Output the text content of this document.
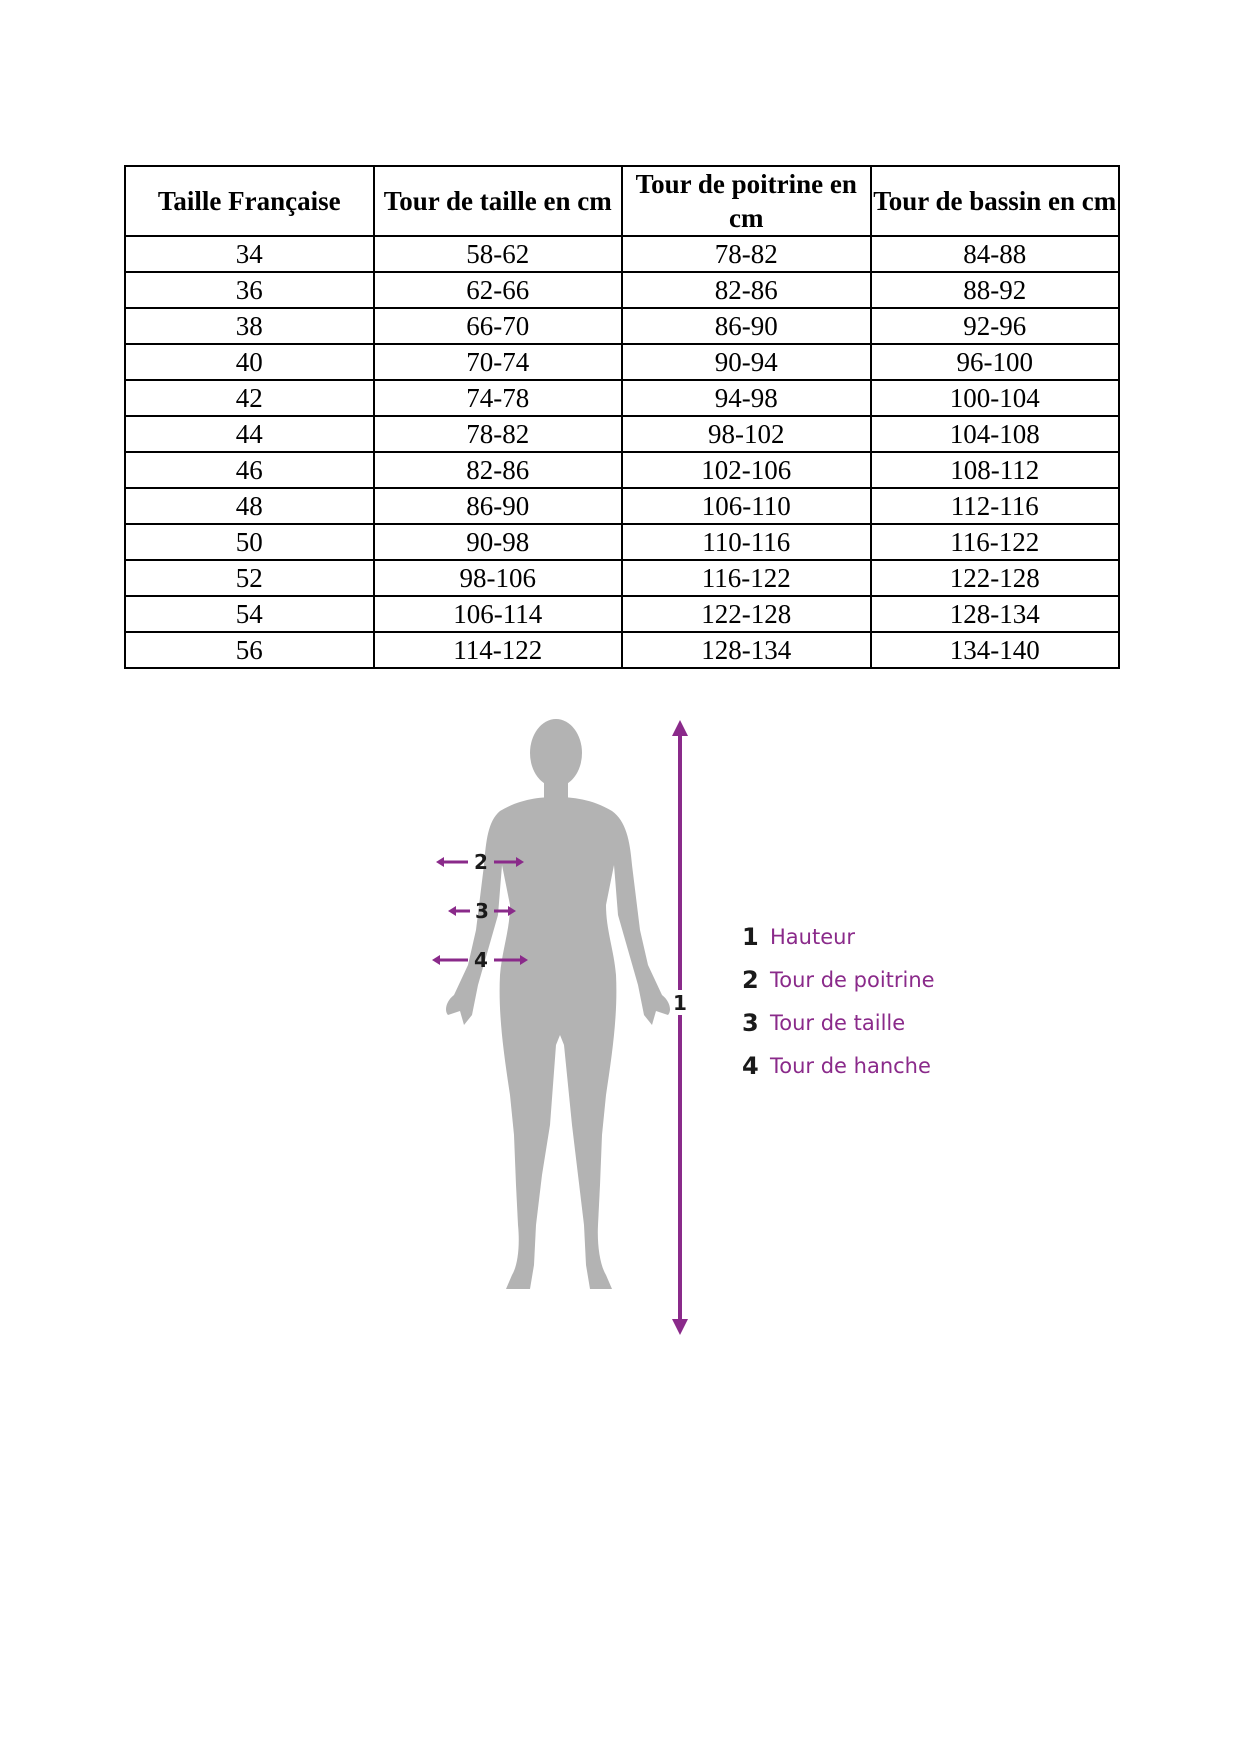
Taille Française	Tour de taille en cm	Tour de poitrine en cm	Tour de bassin en cm
34	58-62	78-82	84-88
36	62-66	82-86	88-92
38	66-70	86-90	92-96
40	70-74	90-94	96-100
42	74-78	94-98	100-104
44	78-82	98-102	104-108
46	82-86	102-106	108-112
48	86-90	106-110	112-116
50	90-98	110-116	116-122
52	98-106	116-122	122-128
54	106-114	122-128	128-134
56	114-122	128-134	134-140
2
3
4
1
1 Hauteur
2 Tour de poitrine
3 Tour de taille
4 Tour de hanche
